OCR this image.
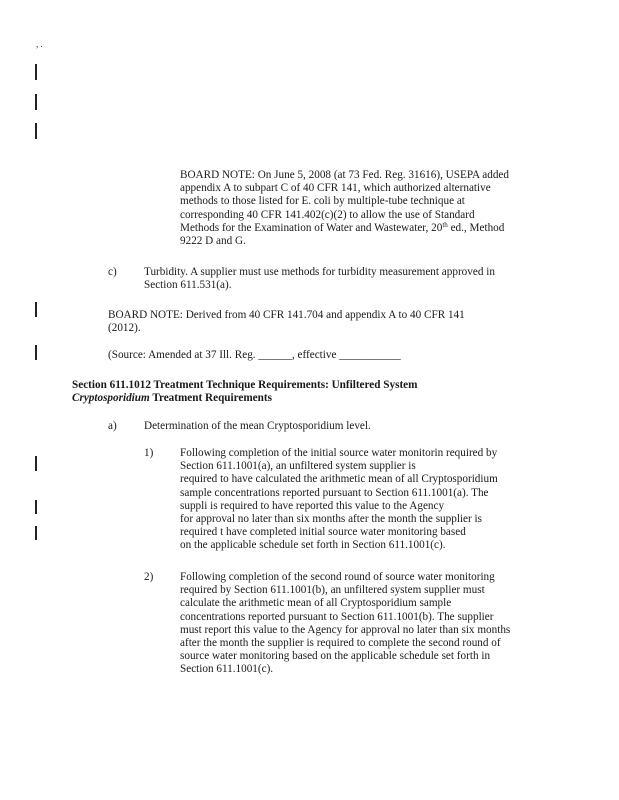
, .
BOARD NOTE: On June 5, 2008 (at 73 Fed. Reg. 31616), USEPA added
appendix A to subpart C of 40 CFR 141, which authorized alternative
methods to those listed for E. coli by multiple-tube technique at
corresponding 40 CFR 141.402(c)(2) to allow the use of Standard
Methods for the Examination of Water and Wastewater, 20th ed., Method
9222 D and G.
c) Turbidity. A supplier must use methods for turbidity measurement approved in
Section 611.531(a).
BOARD NOTE: Derived from 40 CFR 141.704 and appendix A to 40 CFR 141
(2012).
(Source: Amended at 37 Ill. Reg. ______, effective ___________
Section 611.1012 Treatment Technique Requirements: Unfiltered System
Cryptosporidium Treatment Requirements
a) Determination of the mean Cryptosporidium level.
1) Following completion of the initial source water monitorin required by
Section 611.1001(a), an unfiltered system supplier is
required to have calculated the arithmetic mean of all Cryptosporidium
sample concentrations reported pursuant to Section 611.1001(a). The
suppli is required to have reported this value to the Agency
for approval no later than six months after the month the supplier is
required t have completed initial source water monitoring based
on the applicable schedule set forth in Section 611.1001(c).
2) Following completion of the second round of source water monitoring
required by Section 611.1001(b), an unfiltered system supplier must
calculate the arithmetic mean of all Cryptosporidium sample
concentrations reported pursuant to Section 611.1001(b). The supplier
must report this value to the Agency for approval no later than six months
after the month the supplier is required to complete the second round of
source water monitoring based on the applicable schedule set forth in
Section 611.1001(c).
